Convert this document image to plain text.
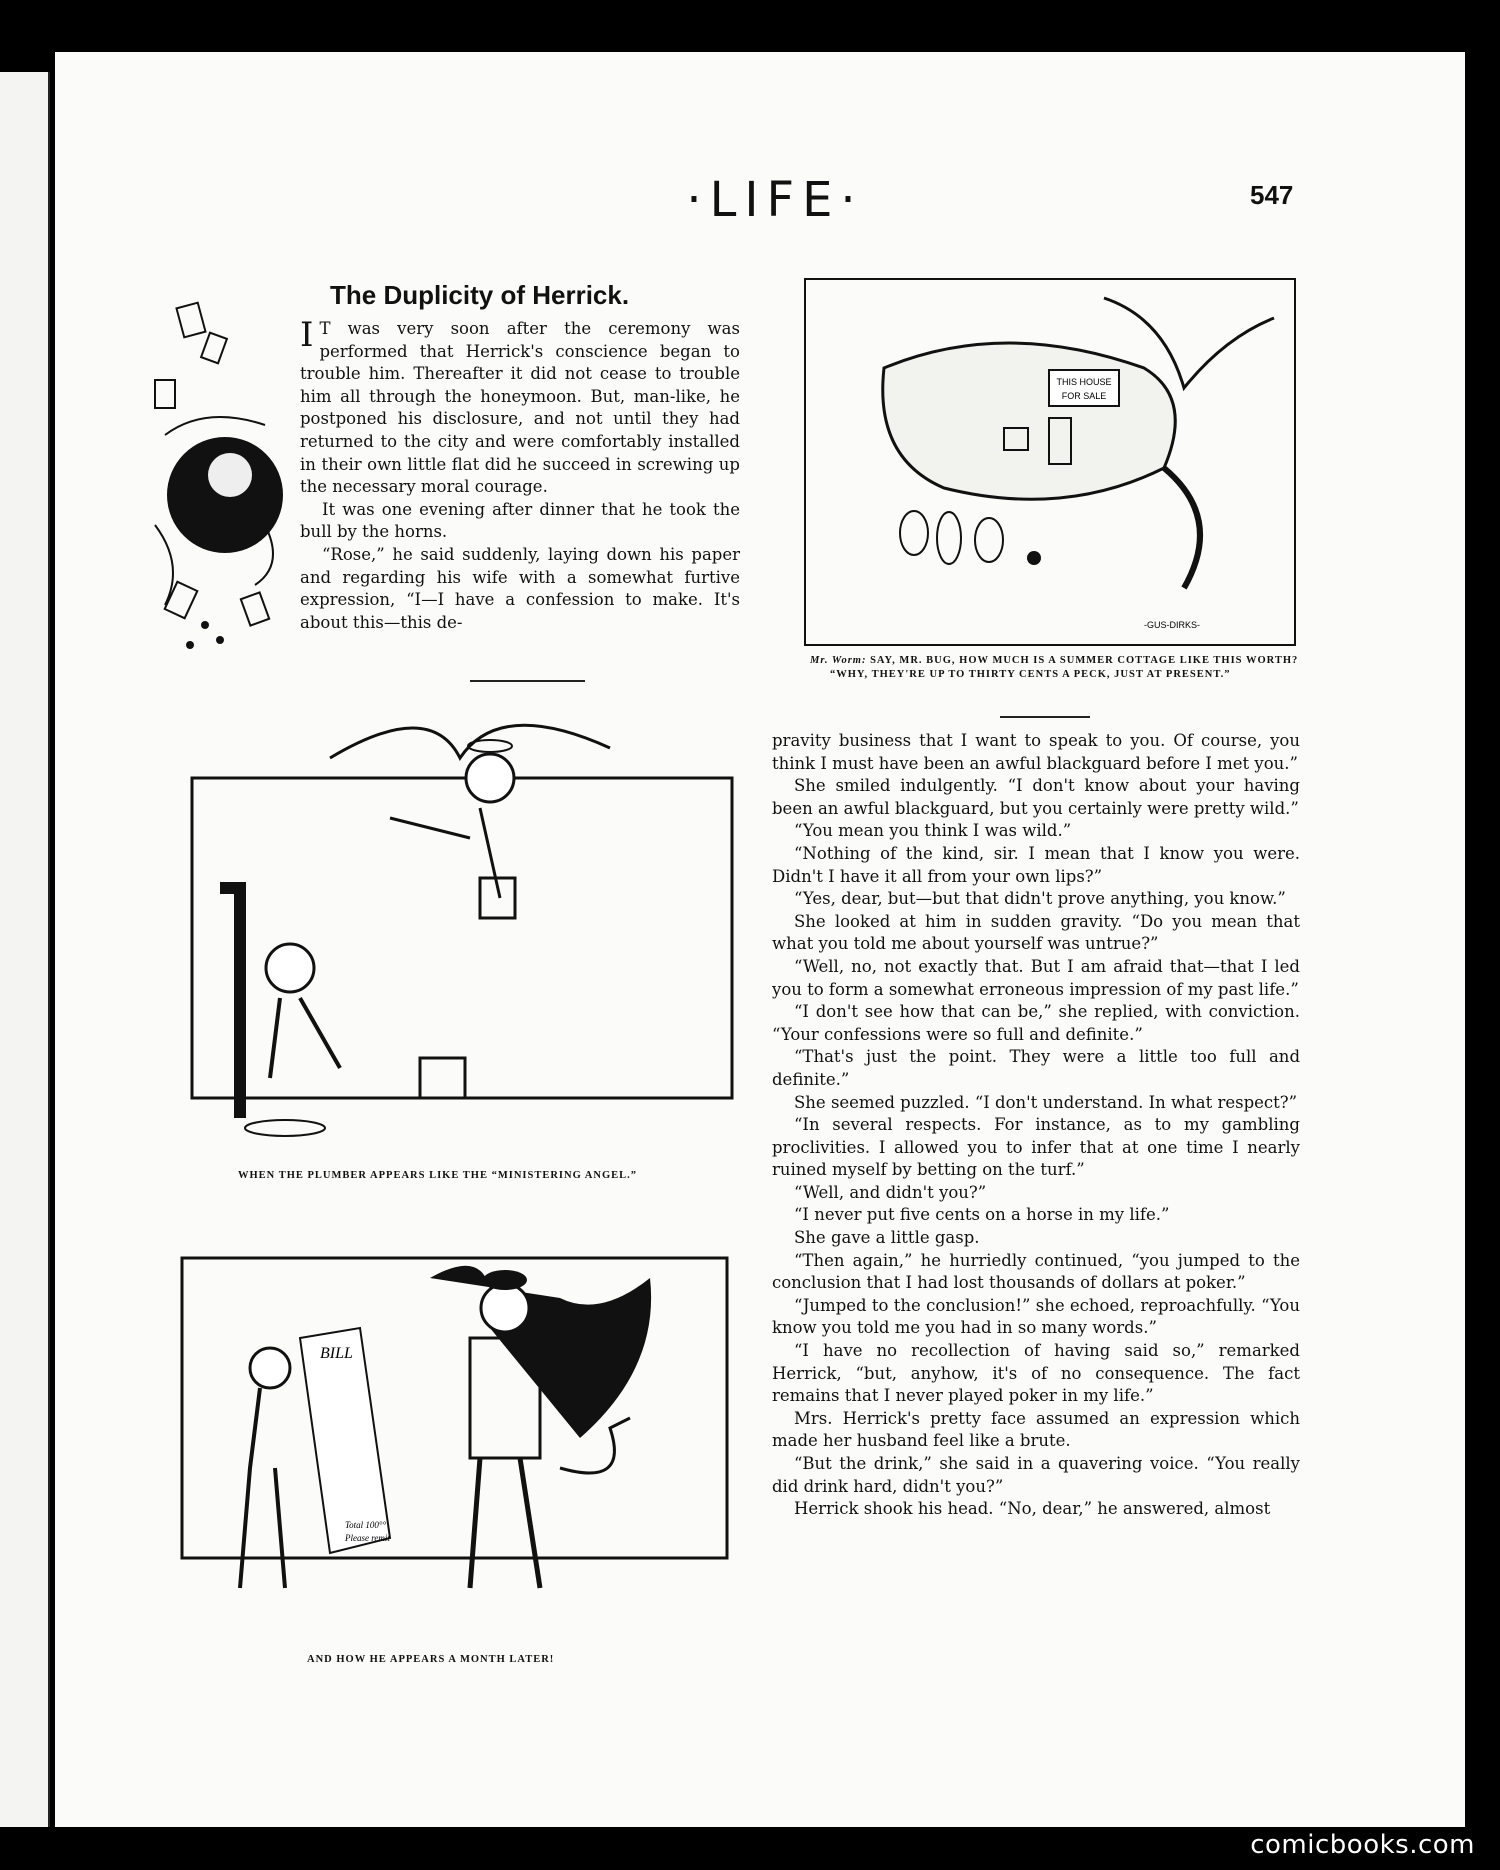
·LIFE·	547
The Duplicity of Herrick.

I T was very soon after the ceremony was performed that Herrick's conscience began to trouble him. Thereafter it did not cease to trouble him all through the honeymoon. But, man-like, he postponed his disclosure, and not until they had returned to the city and were comfortably installed in their own little flat did he succeed in screwing up the necessary moral courage.

It was one evening after dinner that he took the bull by the horns.

“Rose,” he said suddenly, laying down his paper and regarding his wife with a somewhat furtive expression, “I—I have a confession to make. It's about this—this de-

THIS HOUSE
FOR SALE
-GUS-DIRKS-
Mr. Worm: SAY, MR. BUG, HOW MUCH IS A SUMMER COTTAGE LIKE THIS WORTH?
“WHY, THEY'RE UP TO THIRTY CENTS A PECK, JUST AT PRESENT.”
WHEN THE PLUMBER APPEARS LIKE THE “MINISTERING ANGEL.”
BILL
Total 100°°
Please remit
AND HOW HE APPEARS A MONTH LATER!

pravity business that I want to speak to you. Of course, you think I must have been an awful blackguard before I met you.”

She smiled indulgently. “I don't know about your having been an awful blackguard, but you certainly were pretty wild.”

“You mean you think I was wild.”

“Nothing of the kind, sir. I mean that I know you were. Didn't I have it all from your own lips?”

“Yes, dear, but—but that didn't prove anything, you know.”

She looked at him in sudden gravity. “Do you mean that what you told me about yourself was untrue?”

“Well, no, not exactly that. But I am afraid that—that I led you to form a somewhat erroneous impression of my past life.”

“I don't see how that can be,” she replied, with conviction. “Your confessions were so full and definite.”

“That's just the point. They were a little too full and definite.”

She seemed puzzled. “I don't understand. In what respect?”

“In several respects. For instance, as to my gambling proclivities. I allowed you to infer that at one time I nearly ruined myself by betting on the turf.”

“Well, and didn't you?”

“I never put five cents on a horse in my life.”

She gave a little gasp.

“Then again,” he hurriedly continued, “you jumped to the conclusion that I had lost thousands of dollars at poker.”

“Jumped to the conclusion!” she echoed, reproachfully. “You know you told me you had in so many words.”

“I have no recollection of having said so,” remarked Herrick, “but, anyhow, it's of no consequence. The fact remains that I never played poker in my life.”

Mrs. Herrick's pretty face assumed an expression which made her husband feel like a brute.

“But the drink,” she said in a quavering voice. “You really did drink hard, didn't you?”

Herrick shook his head. “No, dear,” he answered, almost

comicbooks.com
